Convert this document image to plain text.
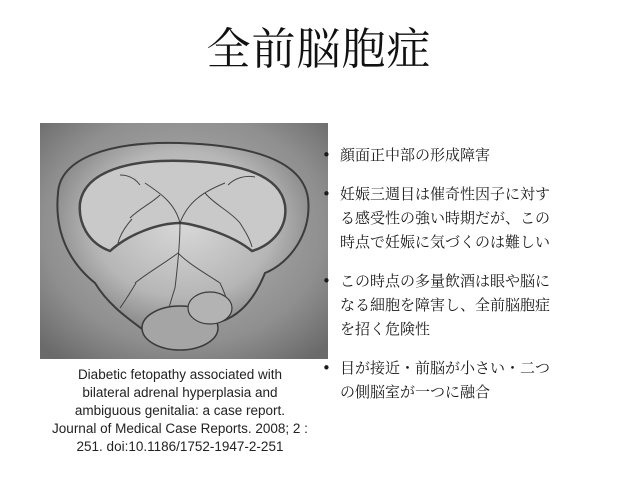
全前脳胞症
Diabetic fetopathy associated with
bilateral adrenal hyperplasia and
ambiguous genitalia: a case report.
Journal of Medical Case Reports. 2008; 2 :
251. doi:10.1186/1752-1947-2-251
• 顔面正中部の形成障害
• 妊娠三週目は催奇性因子に対す
る感受性の強い時期だが、この
時点で妊娠に気づくのは難しい
• この時点の多量飲酒は眼や脳に
なる細胞を障害し、全前脳胞症
を招く危険性
• 目が接近・前脳が小さい・二つ
の側脳室が一つに融合
